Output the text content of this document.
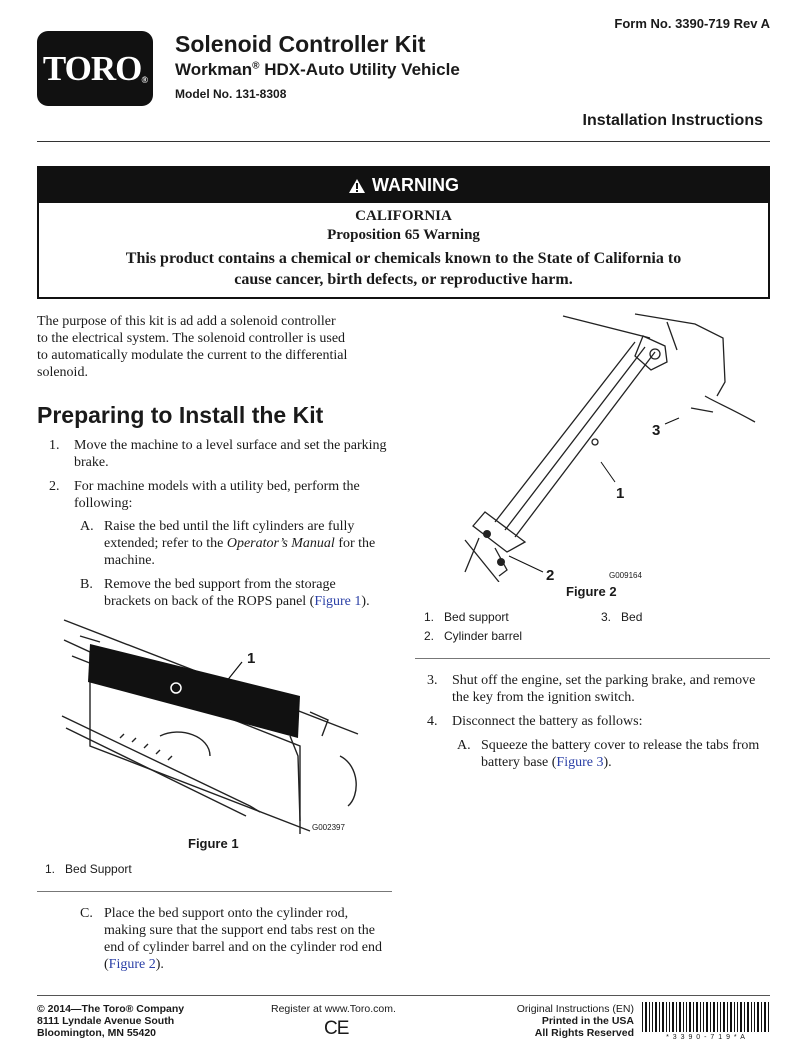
Form No. 3390-719 Rev A
TORO®
Solenoid Controller Kit
Workman® HDX-Auto Utility Vehicle
Model No. 131-8308
Installation Instructions
WARNING
CALIFORNIA
Proposition 65 Warning
This product contains a chemical or chemicals known to the State of California to
cause cancer, birth defects, or reproductive harm.
The purpose of this kit is ad add a solenoid controller
to the electrical system. The solenoid controller is used
to automatically modulate the current to the differential
solenoid.
Preparing to Install the Kit
1. Move the machine to a level surface and set the parking
brake.
2. For machine models with a utility bed, perform the
following:
A. Raise the bed until the lift cylinders are fully
extended; refer to the Operator’s Manual for the
machine.
B. Remove the bed support from the storage
brackets on back of the ROPS panel (Figure 1).
1
G002397
Figure 1
1. Bed Support
C. Place the bed support onto the cylinder rod,
making sure that the support end tabs rest on the
end of cylinder barrel and on the cylinder rod end
(Figure 2).
3
1
2	G009164
Figure 2
1. Bed support	3. Bed
2. Cylinder barrel
3. Shut off the engine, set the parking brake, and remove
the key from the ignition switch.
4. Disconnect the battery as follows:
A. Squeeze the battery cover to release the tabs from
battery base (Figure 3).
© 2014—The Toro® Company
8111 Lyndale Avenue South
Bloomington, MN 55420
Register at www.Toro.com.
CE
Original Instructions (EN)
Printed in the USA
All Rights Reserved	* 3 3 9 0 - 7 1 9 * A
